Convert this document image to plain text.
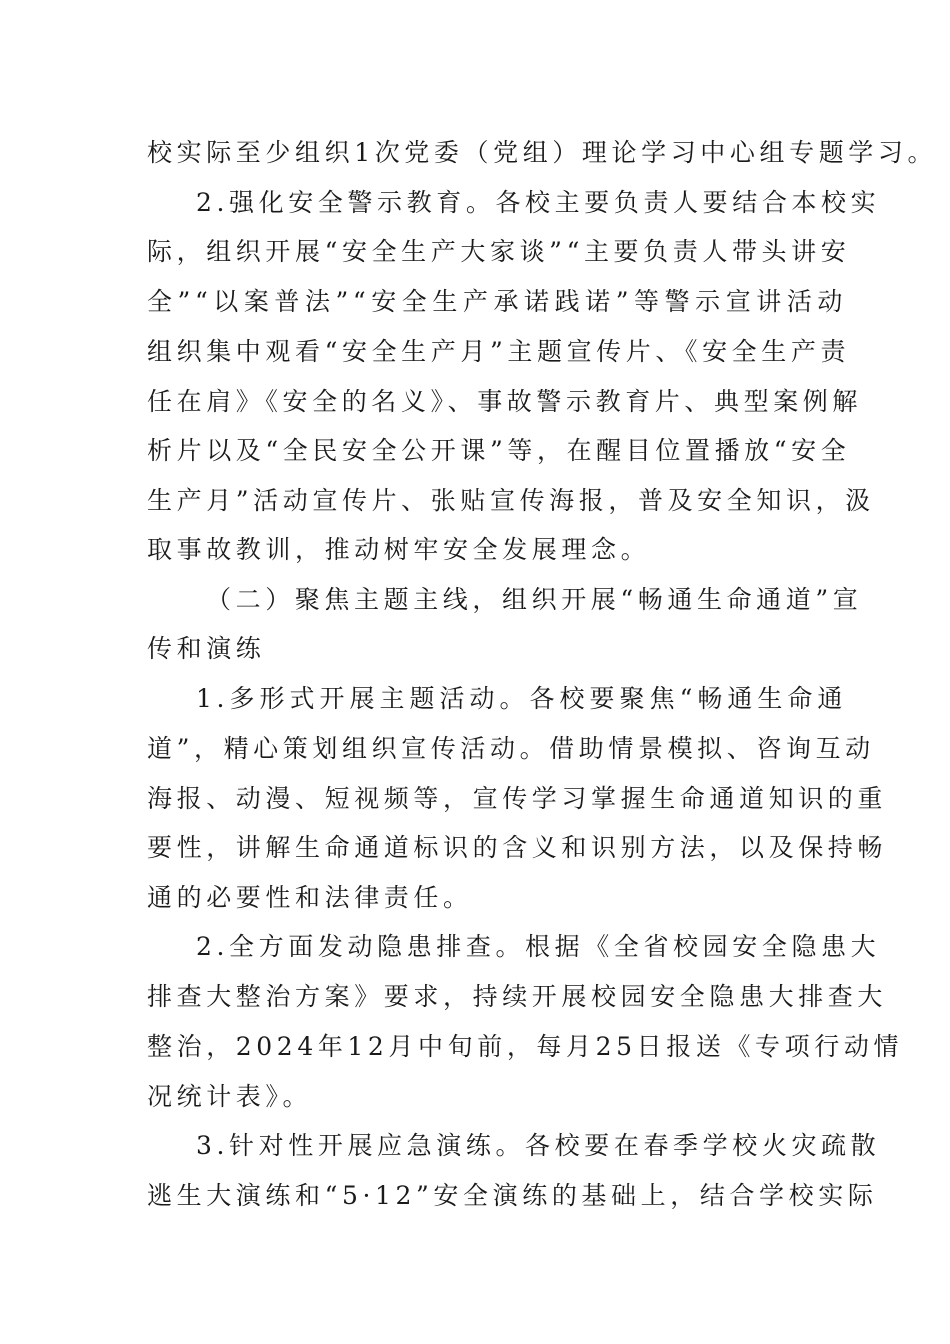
校实际至少组织1次党委（党组）理论学习中心组专题学习。
2.强化安全警示教育。各校主要负责人要结合本校实
际，组织开展“安全生产大家谈”“主要负责人带头讲安
全”“以案普法”“安全生产承诺践诺”等警示宣讲活动
组织集中观看“安全生产月”主题宣传片、《安全生产责
任在肩》《安全的名义》、事故警示教育片、典型案例解
析片以及“全民安全公开课”等，在醒目位置播放“安全
生产月”活动宣传片、张贴宣传海报，普及安全知识，汲
取事故教训，推动树牢安全发展理念。
（二）聚焦主题主线，组织开展“畅通生命通道”宣
传和演练
1.多形式开展主题活动。各校要聚焦“畅通生命通
道”，精心策划组织宣传活动。借助情景模拟、咨询互动
海报、动漫、短视频等，宣传学习掌握生命通道知识的重
要性，讲解生命通道标识的含义和识别方法，以及保持畅
通的必要性和法律责任。
2.全方面发动隐患排查。根据《全省校园安全隐患大
排查大整治方案》要求，持续开展校园安全隐患大排查大
整治，2024年12月中旬前，每月25日报送《专项行动情
况统计表》。
3.针对性开展应急演练。各校要在春季学校火灾疏散
逃生大演练和“5·12”安全演练的基础上，结合学校实际
